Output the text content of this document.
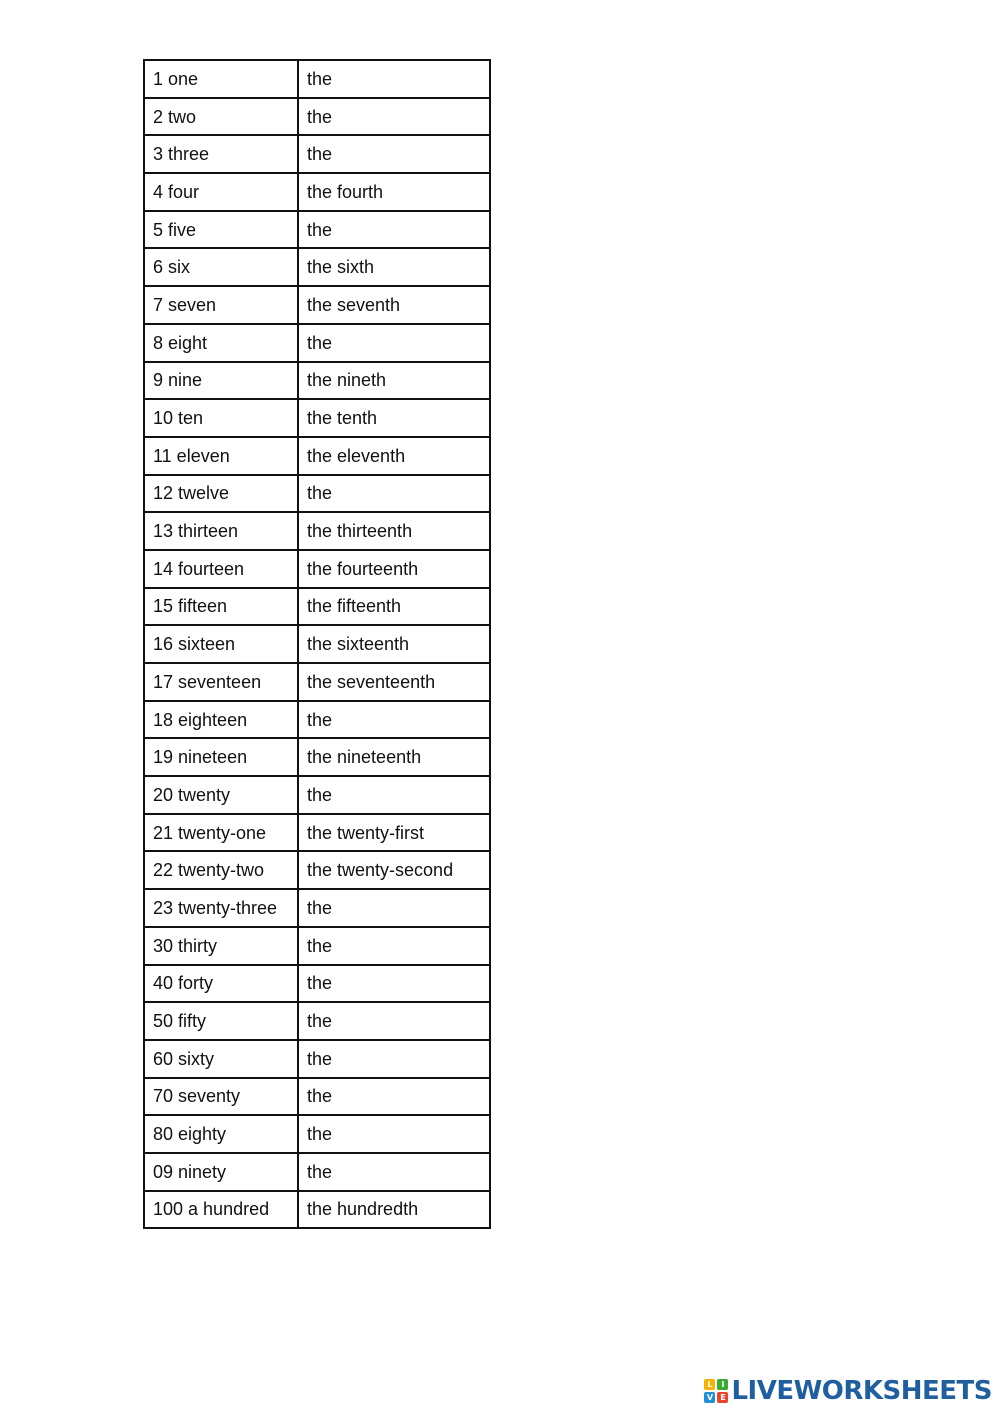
1 one	the
2 two	the
3 three	the
4 four	the fourth
5 five	the
6 six	the sixth
7 seven	the seventh
8 eight	the
9 nine	the nineth
10 ten	the tenth
11 eleven	the eleventh
12 twelve	the
13 thirteen	the thirteenth
14 fourteen	the fourteenth
15 fifteen	the fifteenth
16 sixteen	the sixteenth
17 seventeen	the seventeenth
18 eighteen	the
19 nineteen	the nineteenth
20 twenty	the
21 twenty-one	the twenty-first
22 twenty-two	the twenty-second
23 twenty-three	the
30 thirty	the
40 forty	the
50 fifty	the
60 sixty	the
70 seventy	the
80 eighty	the
09 ninety	the
100 a hundred	the hundredth
L	I
V E LIVEWORKSHEETS
